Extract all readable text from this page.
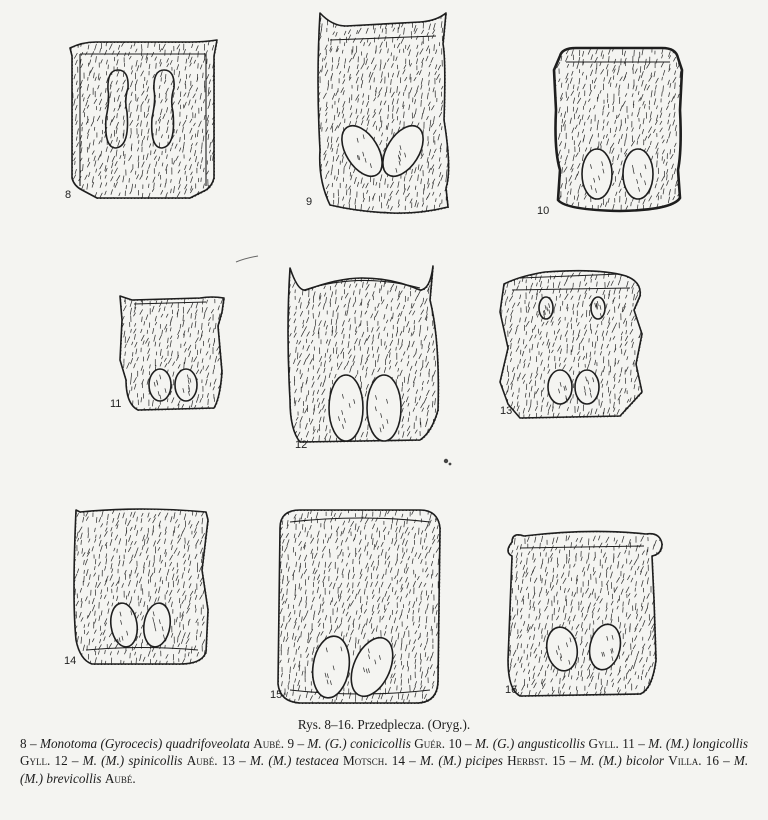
8
9
10
11
12
13
14
15	16
Rys. 8–16. Przedplecza. (Oryg.).

8 – Monotoma (Gyrocecis) quadrifoveolata Aubé. 9 – M. (G.) conicicollis Guér. 10 – M. (G.) angusticollis Gyll. 11 – M. (M.) longicollis Gyll. 12 – M. (M.) spinicollis Aubé. 13 – M. (M.) testacea Motsch. 14 – M. (M.) picipes Herbst. 15 – M. (M.) bicolor Villa. 16 – M. (M.) brevicollis Aubé.
